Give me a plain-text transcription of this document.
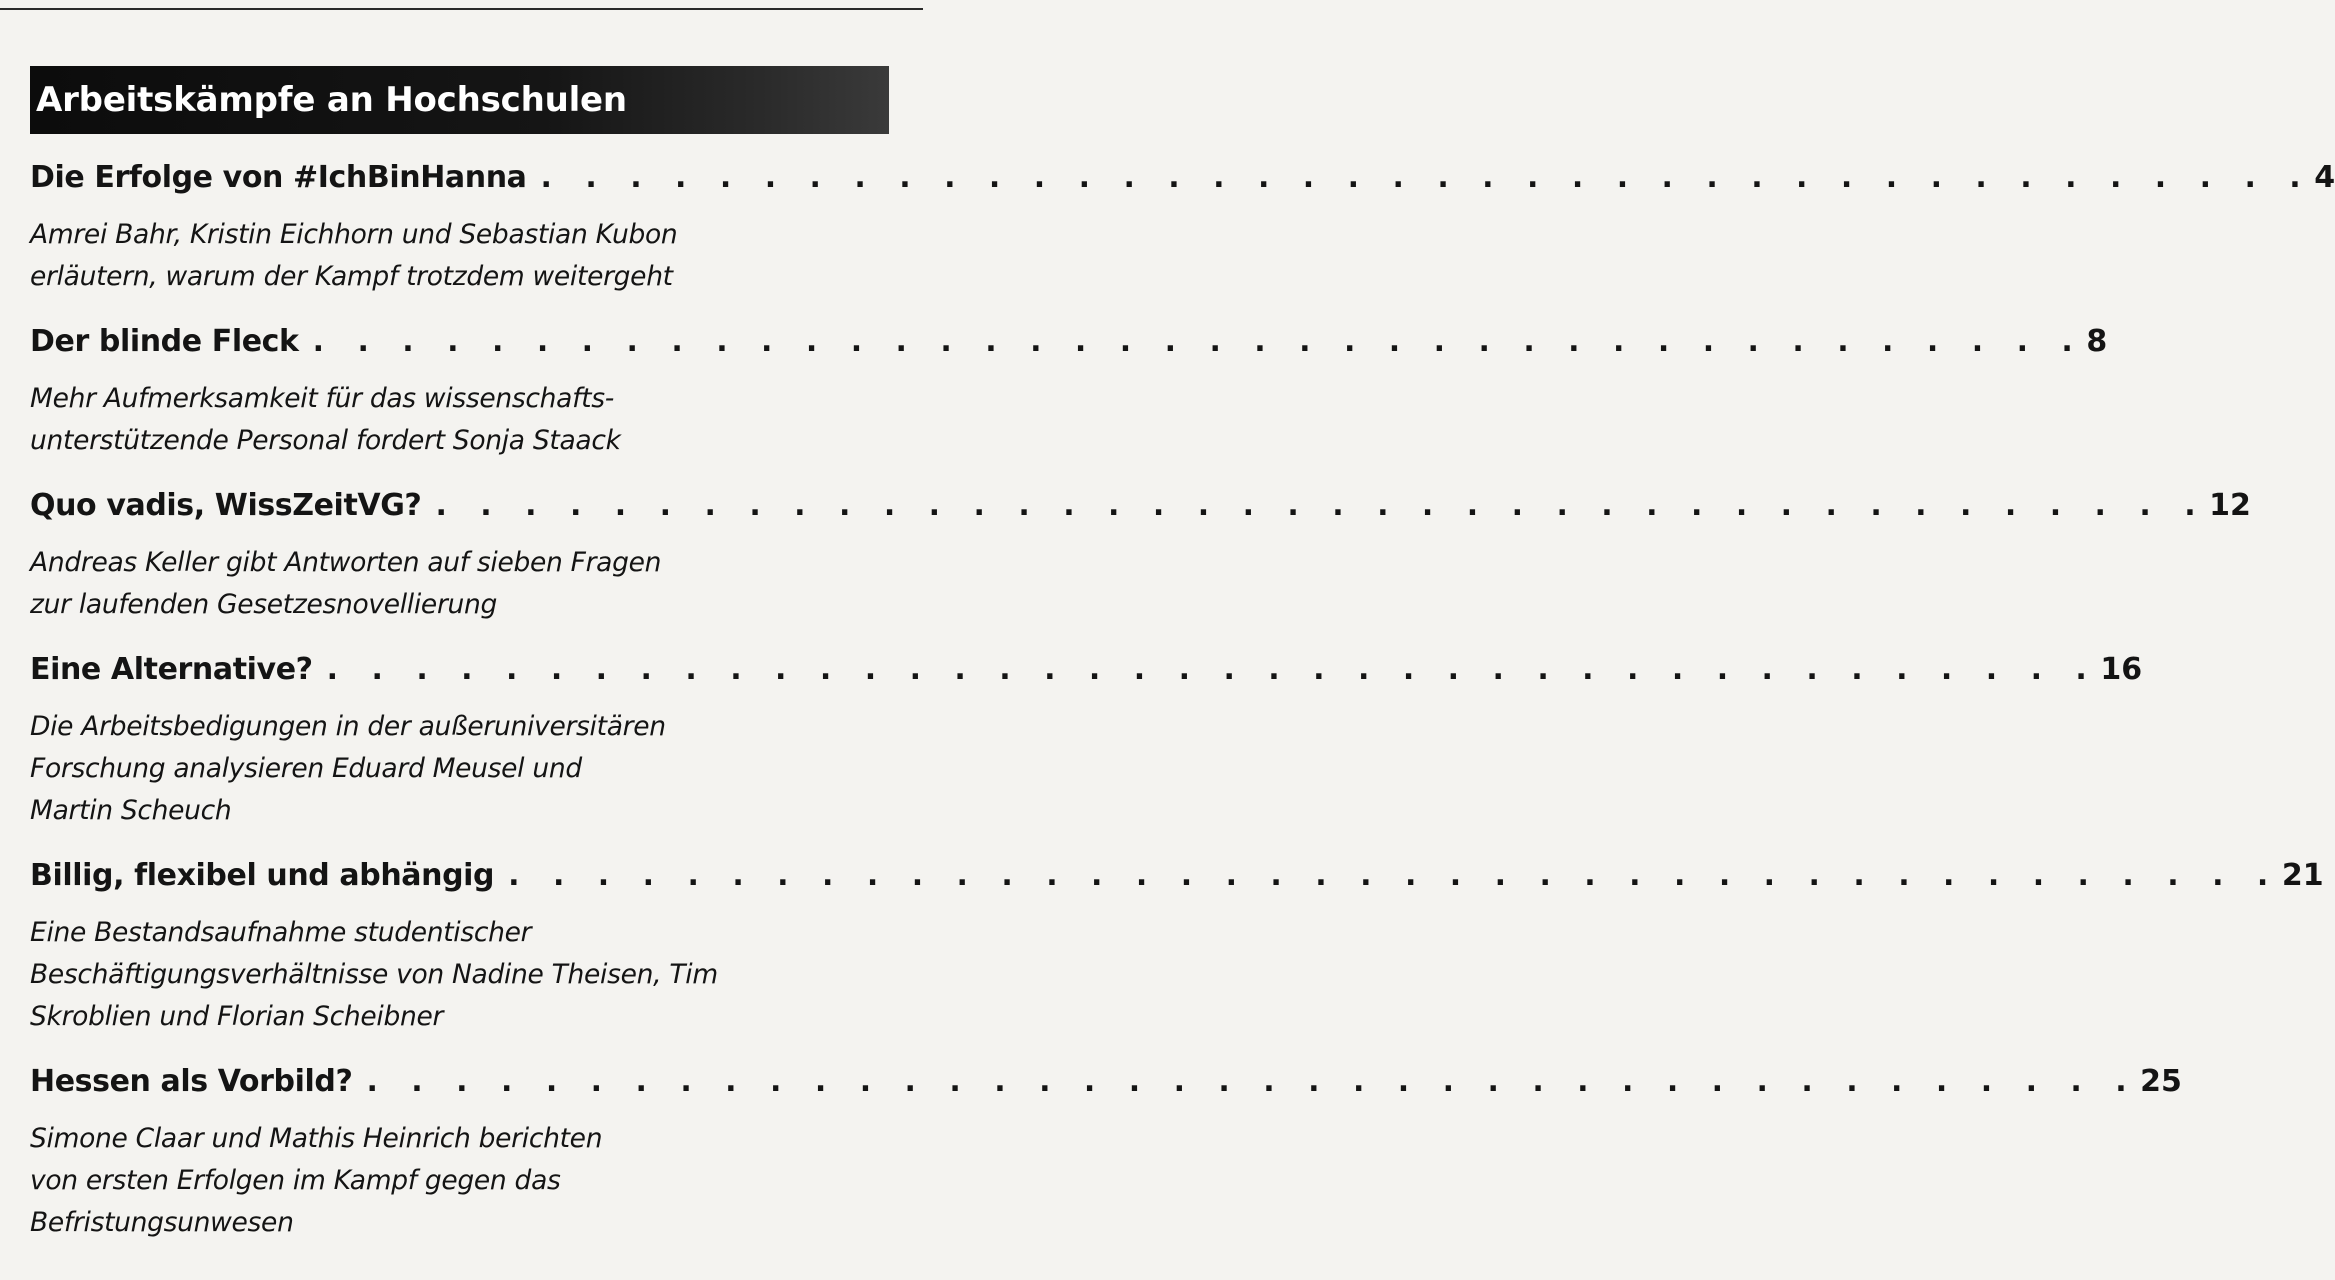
Arbeitskämpfe an Hochschulen
Die Erfolge von #IchBinHanna . . . . . . . . . . . . . . . . . . . . . . . . . . . . . . . . . . . . . . . . 4
Amrei Bahr, Kristin Eichhorn und Sebastian Kubon
erläutern, warum der Kampf trotzdem weitergeht
Der blinde Fleck . . . . . . . . . . . . . . . . . . . . . . . . . . . . . . . . . . . . . . . . 8
Mehr Aufmerksamkeit für das wissenschafts-
unterstützende Personal fordert Sonja Staack
Quo vadis, WissZeitVG? . . . . . . . . . . . . . . . . . . . . . . . . . . . . . . . . . . . . . . . . 12
Andreas Keller gibt Antworten auf sieben Fragen
zur laufenden Gesetzesnovellierung
Eine Alternative? . . . . . . . . . . . . . . . . . . . . . . . . . . . . . . . . . . . . . . . . 16
Die Arbeitsbedigungen in der außeruniversitären
Forschung analysieren Eduard Meusel und
Martin Scheuch
Billig, flexibel und abhängig . . . . . . . . . . . . . . . . . . . . . . . . . . . . . . . . . . . . . . . . 21
Eine Bestandsaufnahme studentischer
Beschäftigungsverhältnisse von Nadine Theisen, Tim
Skroblien und Florian Scheibner
Hessen als Vorbild? . . . . . . . . . . . . . . . . . . . . . . . . . . . . . . . . . . . . . . . . 25
Simone Claar und Mathis Heinrich berichten
von ersten Erfolgen im Kampf gegen das
Befristungsunwesen
